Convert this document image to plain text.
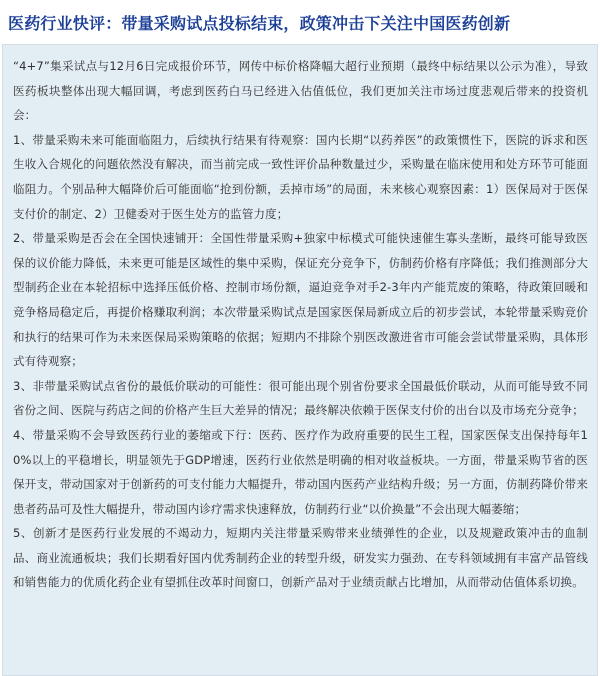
医药行业快评：带量采购试点投标结束，政策冲击下关注中国医药创新

“4+7”集采试点与12月6日完成报价环节，网传中标价格降幅大超行业预期（最终中标结果以公示为准），导致医药板块整体出现大幅回调，考虑到医药白马已经进入估值低位，我们更加关注市场过度悲观后带来的投资机会：

1、带量采购未来可能面临阻力，后续执行结果有待观察：国内长期“以药养医”的政策惯性下，医院的诉求和医生收入合规化的问题依然没有解决，而当前完成一致性评价品种数量过少，采购量在临床使用和处方环节可能面临阻力。个别品种大幅降价后可能面临“抢到份额，丢掉市场”的局面，未来核心观察因素：1）医保局对于医保支付价的制定、2）卫健委对于医生处方的监管力度；

2、带量采购是否会在全国快速铺开：全国性带量采购+独家中标模式可能快速催生寡头垄断，最终可能导致医保的议价能力降低，未来更可能是区域性的集中采购，保证充分竞争下，仿制药价格有序降低；我们推测部分大型制药企业在本轮招标中选择压低价格、控制市场份额，逼迫竞争对手2-3年内产能荒废的策略，待政策回暖和竞争格局稳定后，再提价格赚取利润；本次带量采购试点是国家医保局新成立后的初步尝试，本轮带量采购竞价和执行的结果可作为未来医保局采购策略的依据；短期内不排除个别医改激进省市可能会尝试带量采购，具体形式有待观察；

3、非带量采购试点省份的最低价联动的可能性：很可能出现个别省份要求全国最低价联动，从而可能导致不同省份之间、医院与药店之间的价格产生巨大差异的情况；最终解决依赖于医保支付价的出台以及市场充分竞争；

4、带量采购不会导致医药行业的萎缩或下行：医药、医疗作为政府重要的民生工程，国家医保支出保持每年10%以上的平稳增长，明显领先于GDP增速，医药行业依然是明确的相对收益板块。一方面，带量采购节省的医保开支，带动国家对于创新药的可支付能力大幅提升，带动国内医药产业结构升级；另一方面，仿制药降价带来患者药品可及性大幅提升，带动国内诊疗需求快速释放，仿制药行业“以价换量”不会出现大幅萎缩；

5、创新才是医药行业发展的不竭动力，短期内关注带量采购带来业绩弹性的企业，以及规避政策冲击的血制品、商业流通板块；我们长期看好国内优秀制药企业的转型升级，研发实力强劲、在专科领域拥有丰富产品管线和销售能力的优质化药企业有望抓住改革时间窗口，创新产品对于业绩贡献占比增加，从而带动估值体系切换。
